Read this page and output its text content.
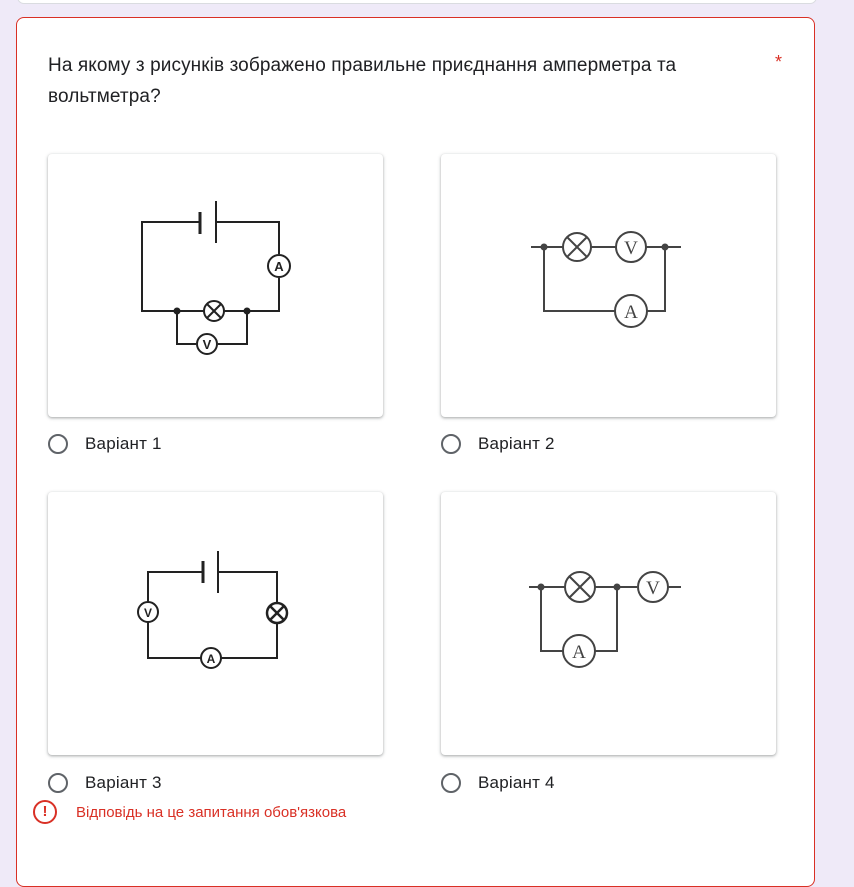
На якому з рисунків зображено правильне приєднання амперметра та вольтметра?
*
A
V
Варіант 1
V
A
Варіант 2
V
A
Варіант 3
V
A
Варіант 4
!	Відповідь на це запитання обов'язкова
